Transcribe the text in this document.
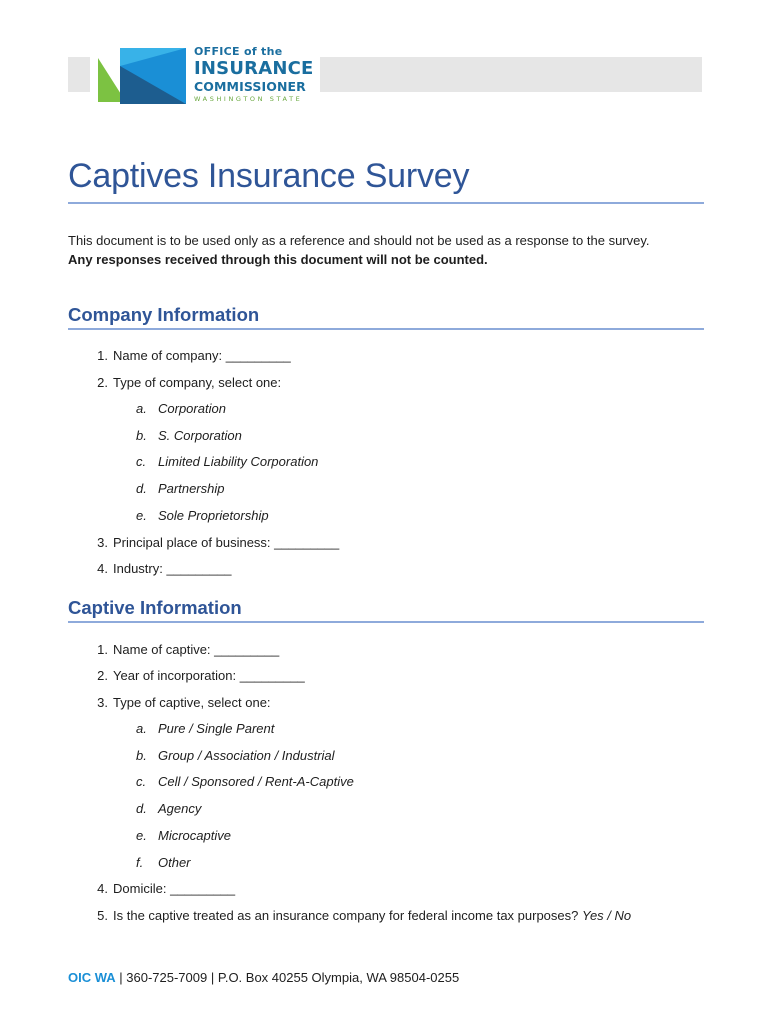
OFFICE of the
INSURANCE
COMMISSIONER
WASHINGTON STATE
Captives Insurance Survey
This document is to be used only as a reference and should not be used as a response to the survey.
Any responses received through this document will not be counted.
Company Information
1. Name of company: _________
2. Type of company, select one:
a. Corporation
b. S. Corporation
c. Limited Liability Corporation
d. Partnership
e. Sole Proprietorship
3. Principal place of business: _________
4. Industry: _________
Captive Information
1. Name of captive: _________
2. Year of incorporation: _________
3. Type of captive, select one:
a. Pure / Single Parent
b. Group / Association / Industrial
c. Cell / Sponsored / Rent-A-Captive
d. Agency
e. Microcaptive
f. Other
4. Domicile: _________
5. Is the captive treated as an insurance company for federal income tax purposes? Yes / No
OIC WA | 360-725-7009 | P.O. Box 40255 Olympia, WA 98504-0255
